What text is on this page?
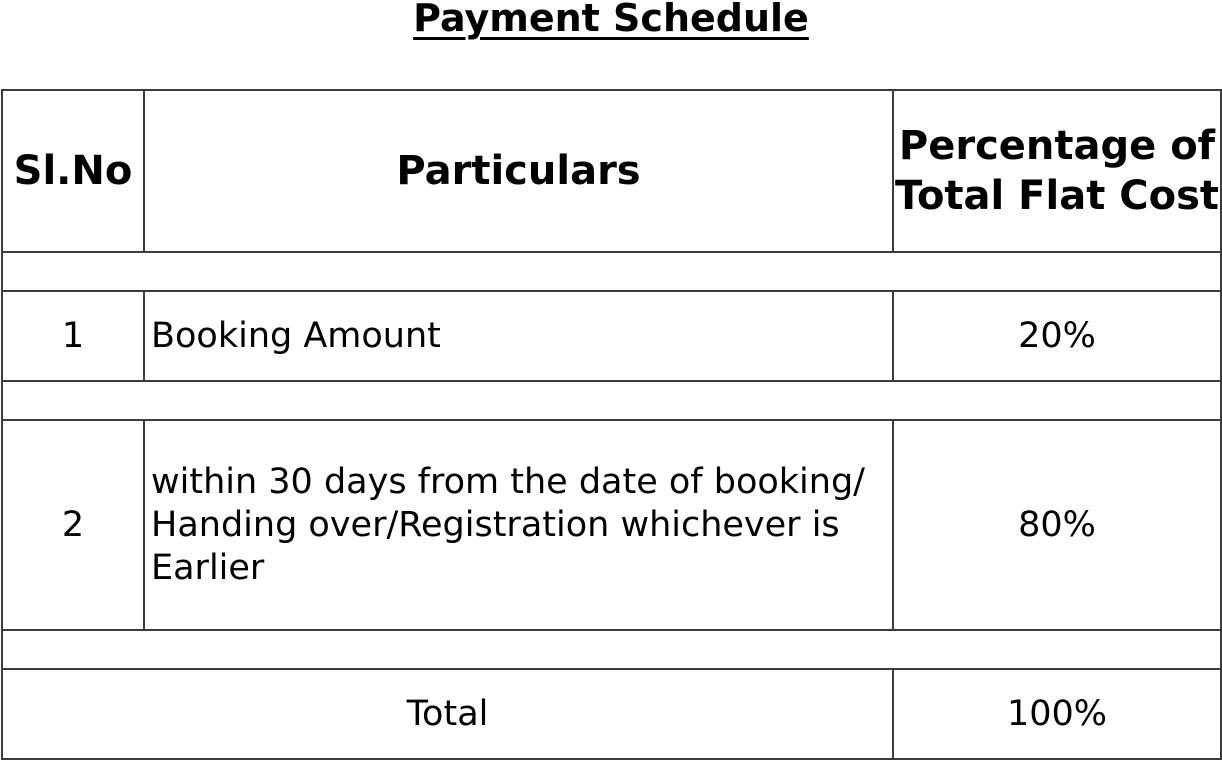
Payment Schedule
Sl.No	Particulars	Percentage of Total Flat Cost

1	Booking Amount	20%

2	within 30 days from the date of booking/ Handing over/Registration whichever is Earlier	80%

Total		100%
